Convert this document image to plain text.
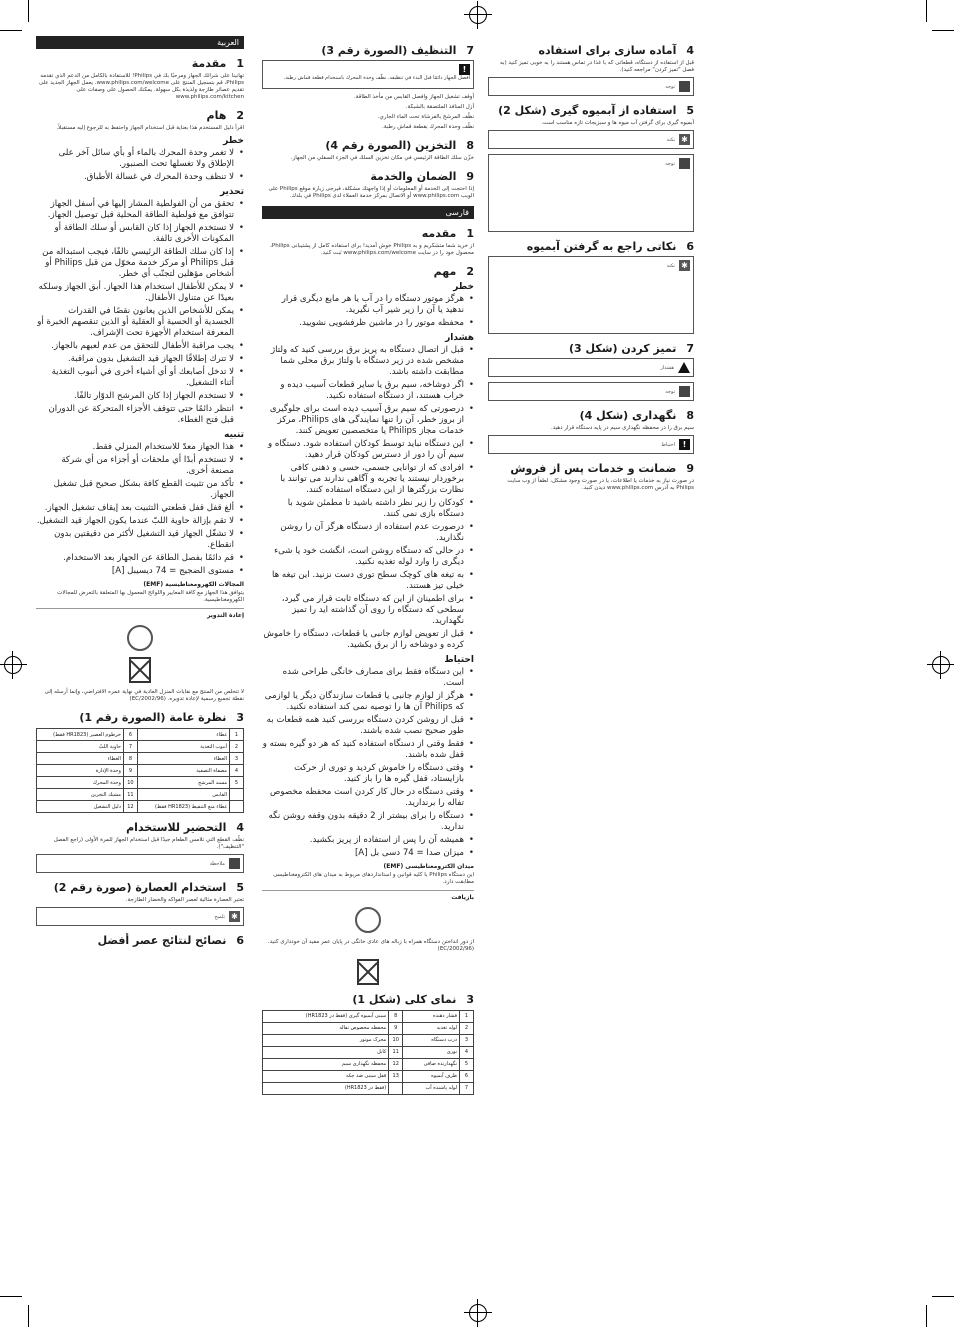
العربية
1مقدمة
تهانينا على شرائك الجهاز ومرحبًا بك في Philips! للاستفادة بالكامل من الدعم الذي تقدمه Philips، قم بتسجيل المنتج على www.philips.com/welcome. يعمل الجهاز الجديد على تقديم عصائر طازجة ولذيذة بكل سهولة. يمكنك الحصول على وصفات على www.philips.com/kitchen
2هام
اقرأ دليل المستخدم هذا بعناية قبل استخدام الجهاز واحتفظ به للرجوع إليه مستقبلاً.
خطر
• لا تغمر وحدة المحرك بالماء أو بأي سائل آخر على الإطلاق ولا تغسلها تحت الصنبور.
• لا تنظف وحدة المحرك في غسالة الأطباق.
تحذير
• تحقق من أن الفولطية المشار إليها في أسفل الجهاز تتوافق مع فولطية الطاقة المحلية قبل توصيل الجهاز.
• لا تستخدم الجهاز إذا كان القابس أو سلك الطاقة أو المكونات الأخرى تالفة.
• إذا كان سلك الطاقة الرئيسي تالفًا، فيجب استبداله من قبل Philips أو مركز خدمة مخوّل من قبل Philips أو أشخاص مؤهلين لتجنّب أي خطر.
• لا يمكن للأطفال استخدام هذا الجهاز. أبق الجهاز وسلكه بعيدًا عن متناول الأطفال.
• يمكن للأشخاص الذين يعانون نقصًا في القدرات الجسدية أو الحسية أو العقلية أو الذين تنقصهم الخبرة أو المعرفة استخدام الأجهزة تحت الإشراف.
• يجب مراقبة الأطفال للتحقق من عدم لعبهم بالجهاز.
• لا تترك إطلاقًا الجهاز قيد التشغيل بدون مراقبة.
• لا تدخل أصابعك أو أي أشياء أخرى في أنبوب التغذية أثناء التشغيل.
• لا تستخدم الجهاز إذا كان المرشح الدوّار تالفًا.
• انتظر دائمًا حتى تتوقف الأجزاء المتحركة عن الدوران قبل فتح الغطاء.
تنبيه
• هذا الجهاز معدّ للاستخدام المنزلي فقط.
• لا تستخدم أبدًا أي ملحقات أو أجزاء من أي شركة مصنعة أخرى.
• تأكد من تثبيت القطع كافة بشكل صحيح قبل تشغيل الجهاز.
• ألغ قفل قفل قطعتي التثبيت بعد إيقاف تشغيل الجهاز.
• لا تقم بإزالة حاوية اللبّ عندما يكون الجهاز قيد التشغيل.
• لا تشغّل الجهاز قيد التشغيل لأكثر من دقيقتين بدون انقطاع.
• قم دائمًا بفصل الطاقة عن الجهاز بعد الاستخدام.
• مستوى الضجيج = 74 ديسيبل [A]
المجالات الكهرومغناطيسية (EMF)
يتوافق هذا الجهاز مع كافة المعايير واللوائح المعمول بها المتعلقة بالتعرض للمجالات الكهرومغناطيسية.
إعادة التدوير
لا تتخلص من المنتج مع نفايات المنزل العادية في نهاية عمره الافتراضي، وإنما أرسله إلى نقطة تجميع رسمية لإعادة تدويره. (EC/2002/96)
3نظرة عامة (الصورة رقم 1)
1	غطاء	6	خرطوم العصير (HR1823 فقط)
2	أنبوب التغذية	7	حاوية اللبّ
3	الغطاء	8	الغطاء
4	مصفاة التصفية	9	وحدة الإدارة
5	مسند المرشح	10	وحدة المحرك
	القابس	11	مشبك التخزين
	غطاء منع التنقيط (HR1823 فقط)	12	دليل التشغيل
4التحضير للاستخدام
نظّف القطع التي تلامس الطعام جيدًا قبل استخدام الجهاز للمرة الأولى (راجع الفصل "التنظيف").
ملاحظة
5استخدام العصارة (صورة رقم 2)
تعتبر العصارة مثالية لعصر الفواكه والخضار الطازجة.
✱تلميح
6نصائح لنتائج عصر أفضل
7التنظيف (الصورة رقم 3)
!
افصل الجهاز دائمًا قبل البدء في تنظيفه. نظّف وحدة المحرك باستخدام قطعة قماش رطبة.
أوقف تشغيل الجهاز وافصل القابس من مأخذ الطاقة.
أزل المنافذ الملتصقة بالشبكة.
نظّف المرشح بالفرشاة تحت الماء الجاري.
نظّف وحدة المحرك بقطعة قماش رطبة.
8التخزين (الصورة رقم 4)
خزّن سلك الطاقة الرئيسي في مكان تخزين السلك في الجزء السفلي من الجهاز.
9الضمان والخدمة
إذا احتجت إلى الخدمة أو المعلومات أو إذا واجهتك مشكلة، فيرجى زيارة موقع Philips على الويب www.philips.com أو الاتصال بمركز خدمة العملاء لدى Philips في بلدك.
فارسی
1مقدمه
از خرید شما متشکریم و به Philips خوش آمدید! برای استفاده کامل از پشتیبانی Philips، محصول خود را در سایت www.philips.com/welcome ثبت کنید.
2مهم
خطر
• هرگز موتور دستگاه را در آب یا هر مایع دیگری قرار ندهید یا آن را زیر شیر آب نگیرید.
• محفظه موتور را در ماشین ظرفشویی نشویید.
هشدار
• قبل از اتصال دستگاه به پریز برق بررسی کنید که ولتاژ مشخص شده در زیر دستگاه با ولتاژ برق محلی شما مطابقت داشته باشد.
• اگر دوشاخه، سیم برق یا سایر قطعات آسیب دیده و خراب هستند، از دستگاه استفاده نکنید.
• درصورتی که سیم برق آسیب دیده است برای جلوگیری از بروز خطر، آن را تنها نمایندگی های Philips، مرکز خدمات مجاز Philips یا متخصصین تعویض کنند.
• این دستگاه نباید توسط کودکان استفاده شود. دستگاه و سیم آن را دور از دسترس کودکان قرار دهید.
• افرادی که از توانایی جسمی، حسی و ذهنی کافی برخوردار نیستند یا تجربه و آگاهی ندارند می توانند با نظارت بزرگترها از این دستگاه استفاده کنند.
• کودکان را زیر نظر داشته باشید تا مطمئن شوید با دستگاه بازی نمی کنند.
• درصورت عدم استفاده از دستگاه هرگز آن را روشن نگذارید.
• در حالی که دستگاه روشن است، انگشت خود یا شیء دیگری را وارد لوله تغذیه نکنید.
• به تیغه های کوچک سطح توری دست نزنید. این تیغه ها خیلی تیز هستند.
• برای اطمینان از این که دستگاه ثابت قرار می گیرد، سطحی که دستگاه را روی آن گذاشته اید را تمیز نگهدارید.
• قبل از تعویض لوازم جانبی یا قطعات، دستگاه را خاموش کرده و دوشاخه را از برق بکشید.
احتیاط
• این دستگاه فقط برای مصارف خانگی طراحی شده است.
• هرگز از لوازم جانبی یا قطعات سازندگان دیگر یا لوازمی که Philips آن ها را توصیه نمی کند استفاده نکنید.
• قبل از روشن کردن دستگاه بررسی کنید همه قطعات به طور صحیح نصب شده باشند.
• فقط وقتی از دستگاه استفاده کنید که هر دو گیره بسته و قفل شده باشند.
• وقتی دستگاه را خاموش کردید و توری از حرکت بازایستاد، قفل گیره ها را باز کنید.
• وقتی دستگاه در حال کار کردن است محفظه مخصوص تفاله را برندارید.
• دستگاه را برای بیشتر از 2 دقیقه بدون وقفه روشن نگه ندارید.
• همیشه آن را پس از استفاده از پریز بکشید.
• میزان صدا = 74 دسی بل [A]
میدان الکترومغناطیسی (EMF)
این دستگاه Philips با کلیه قوانین و استانداردهای مربوط به میدان های الکترومغناطیسی مطابقت دارد.
بازیافت
از دور انداختن دستگاه همراه با زباله های عادی خانگی در پایان عمر مفید آن خودداری کنید. (EC/2002/96)
3نمای کلی (شکل 1)
1	فشار دهنده	8	سینی آبمیوه گیری (فقط در HR1823)
2	لوله تغذیه	9	محفظه مخصوص تفاله
3	درب دستگاه	10	محرک موتور
4	توری	11	کابل
5	نگهدارنده صافی	12	محفظه نگهداری سیم
6	ظرف آبمیوه	13	قفل سینی ضد چکه
7	لوله پاشنده آب		(فقط در HR1823)
4آماده سازی برای استفاده
قبل از استفاده از دستگاه، قطعاتی که با غذا در تماس هستند را به خوبی تمیز کنید (به فصل "تمیز کردن" مراجعه کنید).
توجه
5استفاده از آبمیوه گیری (شکل 2)
آبمیوه گیری برای گرفتن آب میوه ها و سبزیجات تازه مناسب است.
✱نکته
توجه
6نکاتی راجع به گرفتن آبمیوه
✱نکته
7تمیز کردن (شکل 3)
هشدار
توجه
8نگهداری (شکل 4)
سیم برق را در محفظه نگهداری سیم در پایه دستگاه قرار دهید.
!احتیاط
9ضمانت و خدمات پس از فروش
در صورت نیاز به خدمات یا اطلاعات، یا در صورت وجود مشکل، لطفاً از وب سایت Philips به آدرس www.philips.com دیدن کنید.
